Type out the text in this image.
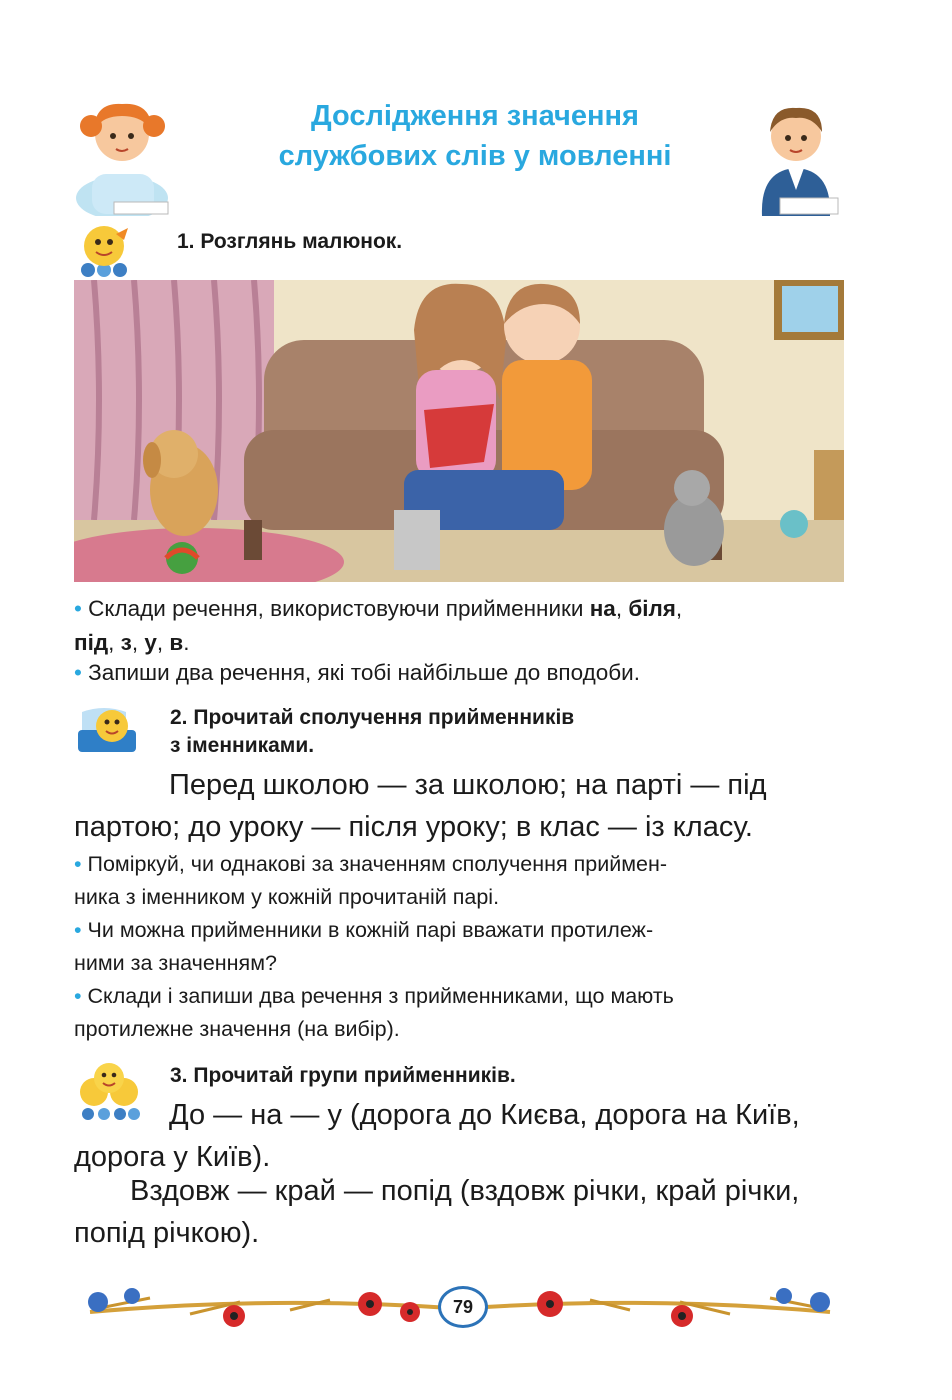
Дослідження значення
службових слів у мовленні
1. Розглянь малюнок.
• Склади речення, використовуючи прийменники на, біля,
під, з, у, в.
• Запиши два речення, які тобі найбільше до вподоби.
2. Прочитай сполучення прийменників
з іменниками.
Перед школою — за школою; на парті — під
партою; до уроку — після уроку; в клас — із класу.
• Поміркуй, чи однакові за значенням сполучення приймен-
ника з іменником у кожній прочитаній парі.
• Чи можна прийменники в кожній парі вважати протилеж-
ними за значенням?
• Склади і запиши два речення з прийменниками, що мають
протилежне значення (на вибір).
3. Прочитай групи прийменників.
До — на — у (дорога до Києва, дорога на Київ,
дорога у Київ).
Вздовж — край — попід (вздовж річки, край річки,
попід річкою).
79
